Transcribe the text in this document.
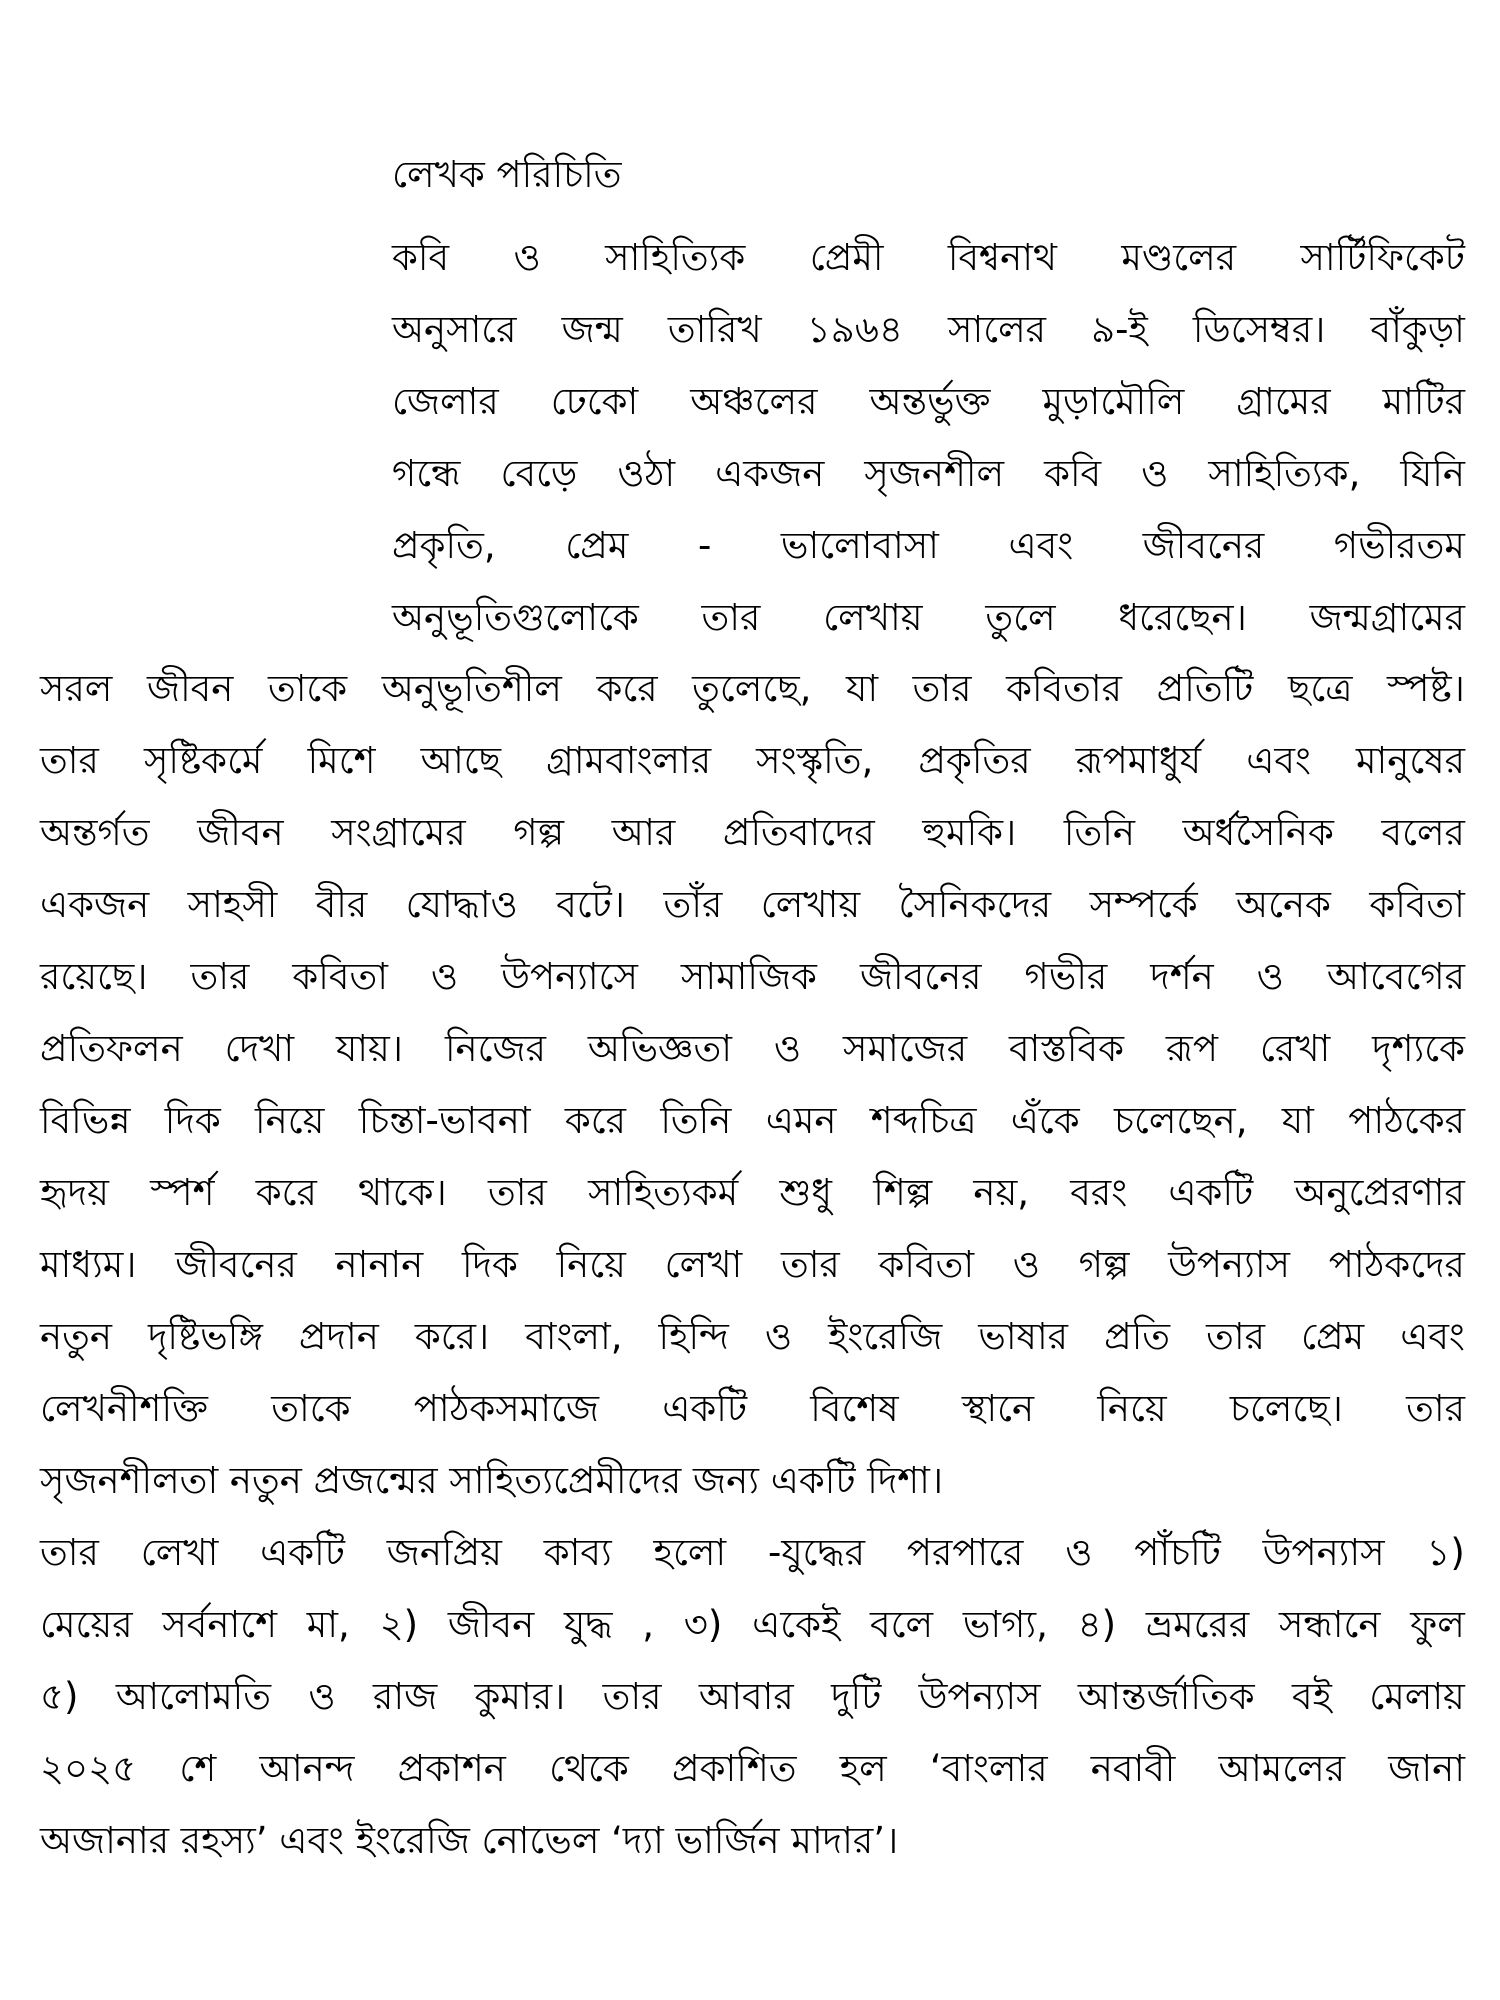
লেখক পরিচিতি
কবি ও সাহিত্যিক প্রেমী বিশ্বনাথ মণ্ডলের সার্টিফিকেট
অনুসারে জন্ম তারিখ ১৯৬৪ সালের ৯-ই ডিসেম্বর। বাঁকুড়া
জেলার ঢেকো অঞ্চলের অন্তর্ভুক্ত মুড়ামৌলি গ্রামের মাটির
গন্ধে বেড়ে ওঠা একজন সৃজনশীল কবি ও সাহিত্যিক, যিনি
প্রকৃতি, প্রেম - ভালোবাসা এবং জীবনের গভীরতম
অনুভূতিগুলোকে তার লেখায় তুলে ধরেছেন। জন্মগ্রামের
সরল জীবন তাকে অনুভূতিশীল করে তুলেছে, যা তার কবিতার প্রতিটি ছত্রে স্পষ্ট।
তার সৃষ্টিকর্মে মিশে আছে গ্রামবাংলার সংস্কৃতি, প্রকৃতির রূপমাধুর্য এবং মানুষের
অন্তর্গত জীবন সংগ্রামের গল্প আর প্রতিবাদের হুমকি। তিনি অর্ধসৈনিক বলের
একজন সাহসী বীর যোদ্ধাও বটে। তাঁর লেখায় সৈনিকদের সম্পর্কে অনেক কবিতা
রয়েছে। তার কবিতা ও উপন্যাসে সামাজিক জীবনের গভীর দর্শন ও আবেগের
প্রতিফলন দেখা যায়। নিজের অভিজ্ঞতা ও সমাজের বাস্তবিক রূপ রেখা দৃশ্যকে
বিভিন্ন দিক নিয়ে চিন্তা-ভাবনা করে তিনি এমন শব্দচিত্র এঁকে চলেছেন, যা পাঠকের
হৃদয় স্পর্শ করে থাকে। তার সাহিত্যকর্ম শুধু শিল্প নয়, বরং একটি অনুপ্রেরণার
মাধ্যম। জীবনের নানান দিক নিয়ে লেখা তার কবিতা ও গল্প উপন্যাস পাঠকদের
নতুন দৃষ্টিভঙ্গি প্রদান করে। বাংলা, হিন্দি ও ইংরেজি ভাষার প্রতি তার প্রেম এবং
লেখনীশক্তি তাকে পাঠকসমাজে একটি বিশেষ স্থানে নিয়ে চলেছে। তার
সৃজনশীলতা নতুন প্রজন্মের সাহিত্যপ্রেমীদের জন্য একটি দিশা।
তার লেখা একটি জনপ্রিয় কাব্য হলো -যুদ্ধের পরপারে ও পাঁচটি উপন্যাস ১)
মেয়ের সর্বনাশে মা, ২) জীবন যুদ্ধ , ৩) একেই বলে ভাগ্য, ৪) ভ্রমরের সন্ধানে ফুল
৫) আলোমতি ও রাজ কুমার। তার আবার দুটি উপন্যাস আন্তর্জাতিক বই মেলায়
২০২৫ শে আনন্দ প্রকাশন থেকে প্রকাশিত হল ‘বাংলার নবাবী আমলের জানা
অজানার রহস্য’ এবং ইংরেজি নোভেল ‘দ্যা ভার্জিন মাদার’।
